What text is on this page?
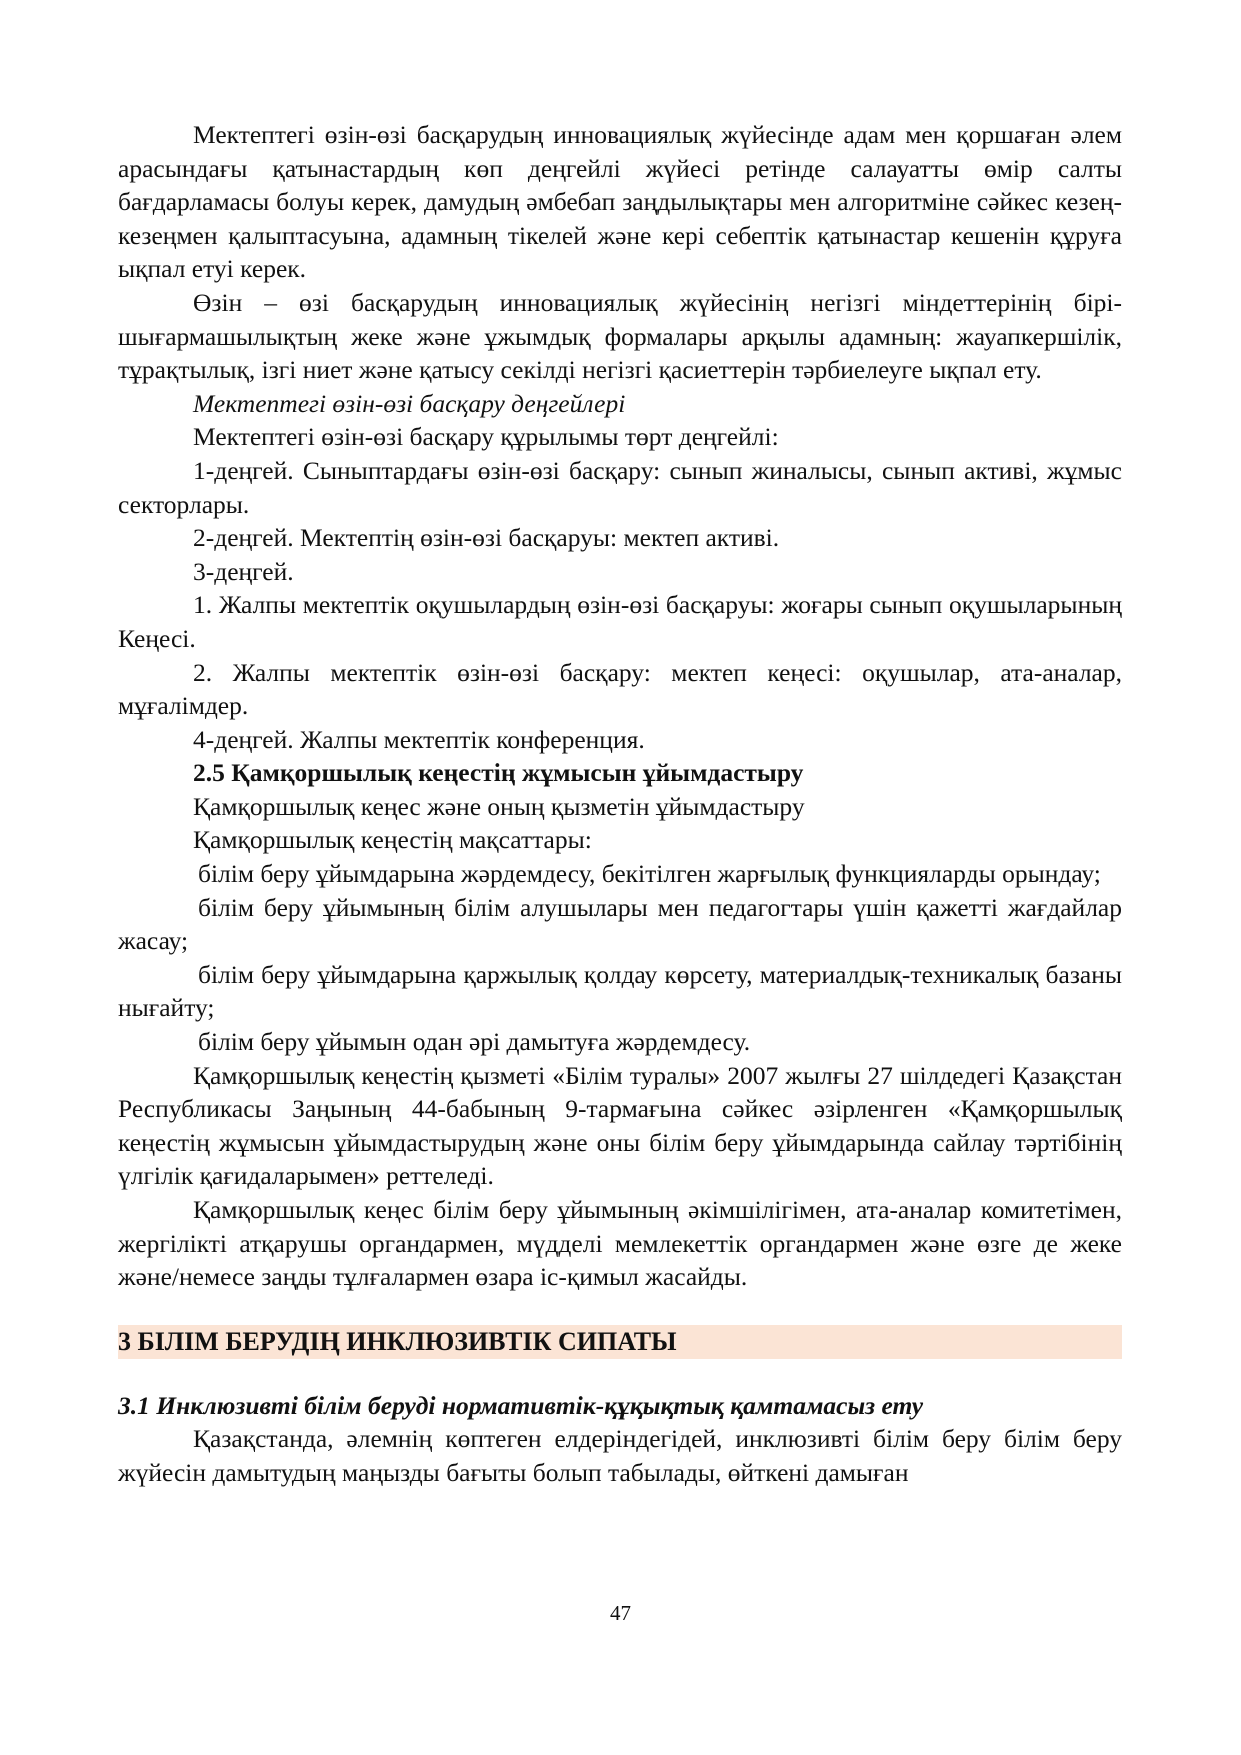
Мектептегі өзін-өзі басқарудың инновациялық жүйесінде адам мен қоршаған әлем арасындағы қатынастардың көп деңгейлі жүйесі ретінде салауатты өмір салты бағдарламасы болуы керек, дамудың әмбебап заңдылықтары мен алгоритміне сәйкес кезең-кезеңмен қалыптасуына, адамның тікелей және кері себептік қатынастар кешенін құруға ықпал етуі керек.

Өзін – өзі басқарудың инновациялық жүйесінің негізгі міндеттерінің бірі-шығармашылықтың жеке және ұжымдық формалары арқылы адамның: жауапкершілік, тұрақтылық, ізгі ниет және қатысу секілді негізгі қасиеттерін тәрбиелеуге ықпал ету.

Мектептегі өзін-өзі басқару деңгейлері

Мектептегі өзін-өзі басқару құрылымы төрт деңгейлі:

1-деңгей. Сыныптардағы өзін-өзі басқару: сынып жиналысы, сынып активі, жұмыс секторлары.

2-деңгей. Мектептің өзін-өзі басқаруы: мектеп активі.

3-деңгей.

1. Жалпы мектептік оқушылардың өзін-өзі басқаруы: жоғары сынып оқушыларының Кеңесі.

2. Жалпы мектептік өзін-өзі басқару: мектеп кеңесі: оқушылар, ата-аналар, мұғалімдер.

4-деңгей. Жалпы мектептік конференция.

2.5 Қамқоршылық кеңестің жұмысын ұйымдастыру

Қамқоршылық кеңес және оның қызметін ұйымдастыру

Қамқоршылық кеңестің мақсаттары:

білім беру ұйымдарына жәрдемдесу, бекітілген жарғылық функцияларды орындау;

білім беру ұйымының білім алушылары мен педагогтары үшін қажетті жағдайлар жасау;

білім беру ұйымдарына қаржылық қолдау көрсету, материалдық-техникалық базаны нығайту;

білім беру ұйымын одан әрі дамытуға жәрдемдесу.

Қамқоршылық кеңестің қызметі «Білім туралы» 2007 жылғы 27 шілдедегі Қазақстан Республикасы Заңының 44-бабының 9-тармағына сәйкес әзірленген «Қамқоршылық кеңестің жұмысын ұйымдастырудың және оны білім беру ұйымдарында сайлау тәртібінің үлгілік қағидаларымен» реттеледі.

Қамқоршылық кеңес білім беру ұйымының әкімшілігімен, ата-аналар комитетімен, жергілікті атқарушы органдармен, мүдделі мемлекеттік органдармен және өзге де жеке және/немесе заңды тұлғалармен өзара іс-қимыл жасайды.

3 БІЛІМ БЕРУДІҢ ИНКЛЮЗИВТІК СИПАТЫ
3.1 Инклюзивті білім беруді нормативтік-құқықтық қамтамасыз ету

Қазақстанда, әлемнің көптеген елдеріндегідей, инклюзивті білім беру білім беру жүйесін дамытудың маңызды бағыты болып табылады, өйткені дамыған

47
